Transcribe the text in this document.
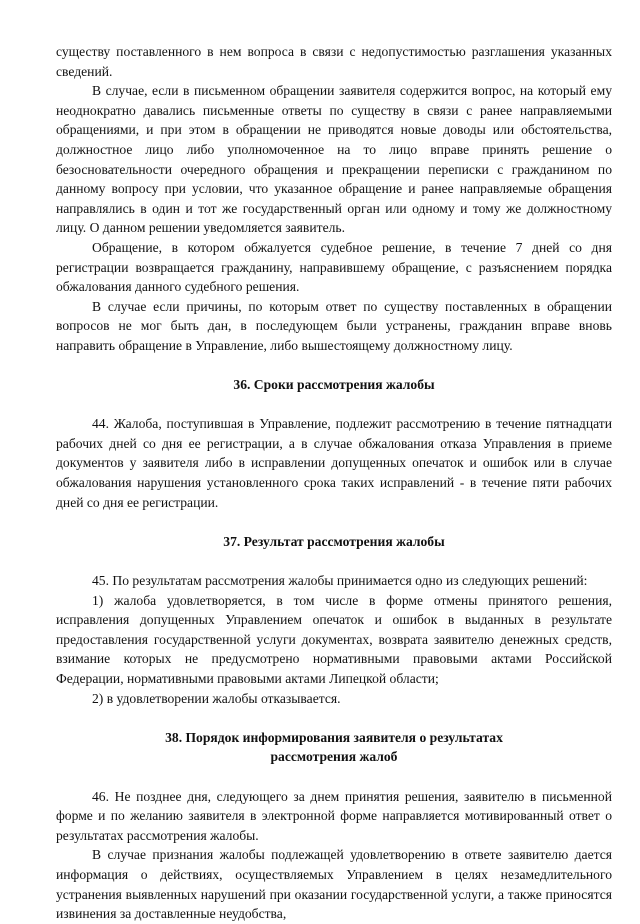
существу поставленного в нем вопроса в связи с недопустимостью разглашения указанных сведений.

В случае, если в письменном обращении заявителя содержится вопрос, на который ему неоднократно давались письменные ответы по существу в связи с ранее направляемыми обращениями, и при этом в обращении не приводятся новые доводы или обстоятельства, должностное лицо либо уполномоченное на то лицо вправе принять решение о безосновательности очередного обращения и прекращении переписки с гражданином по данному вопросу при условии, что указанное обращение и ранее направляемые обращения направлялись в один и тот же государственный орган или одному и тому же должностному лицу. О данном решении уведомляется заявитель.

Обращение, в котором обжалуется судебное решение, в течение 7 дней со дня регистрации возвращается гражданину, направившему обращение, с разъяснением порядка обжалования данного судебного решения.

В случае если причины, по которым ответ по существу поставленных в обращении вопросов не мог быть дан, в последующем были устранены, гражданин вправе вновь направить обращение в Управление, либо вышестоящему должностному лицу.

36. Сроки рассмотрения жалобы

44. Жалоба, поступившая в Управление, подлежит рассмотрению в течение пятнадцати рабочих дней со дня ее регистрации, а в случае обжалования отказа Управления в приеме документов у заявителя либо в исправлении допущенных опечаток и ошибок или в случае обжалования нарушения установленного срока таких исправлений - в течение пяти рабочих дней со дня ее регистрации.

37. Результат рассмотрения жалобы

45. По результатам рассмотрения жалобы принимается одно из следующих решений:

1) жалоба удовлетворяется, в том числе в форме отмены принятого решения, исправления допущенных Управлением опечаток и ошибок в выданных в результате предоставления государственной услуги документах, возврата заявителю денежных средств, взимание которых не предусмотрено нормативными правовыми актами Российской Федерации, нормативными правовыми актами Липецкой области;

2) в удовлетворении жалобы отказывается.

38. Порядок информирования заявителя о результатах
рассмотрения жалоб

46. Не позднее дня, следующего за днем принятия решения, заявителю в письменной форме и по желанию заявителя в электронной форме направляется мотивированный ответ о результатах рассмотрения жалобы.

В случае признания жалобы подлежащей удовлетворению в ответе заявителю дается информация о действиях, осуществляемых Управлением в целях незамедлительного устранения выявленных нарушений при оказании государственной услуги, а также приносятся извинения за доставленные неудобства,
